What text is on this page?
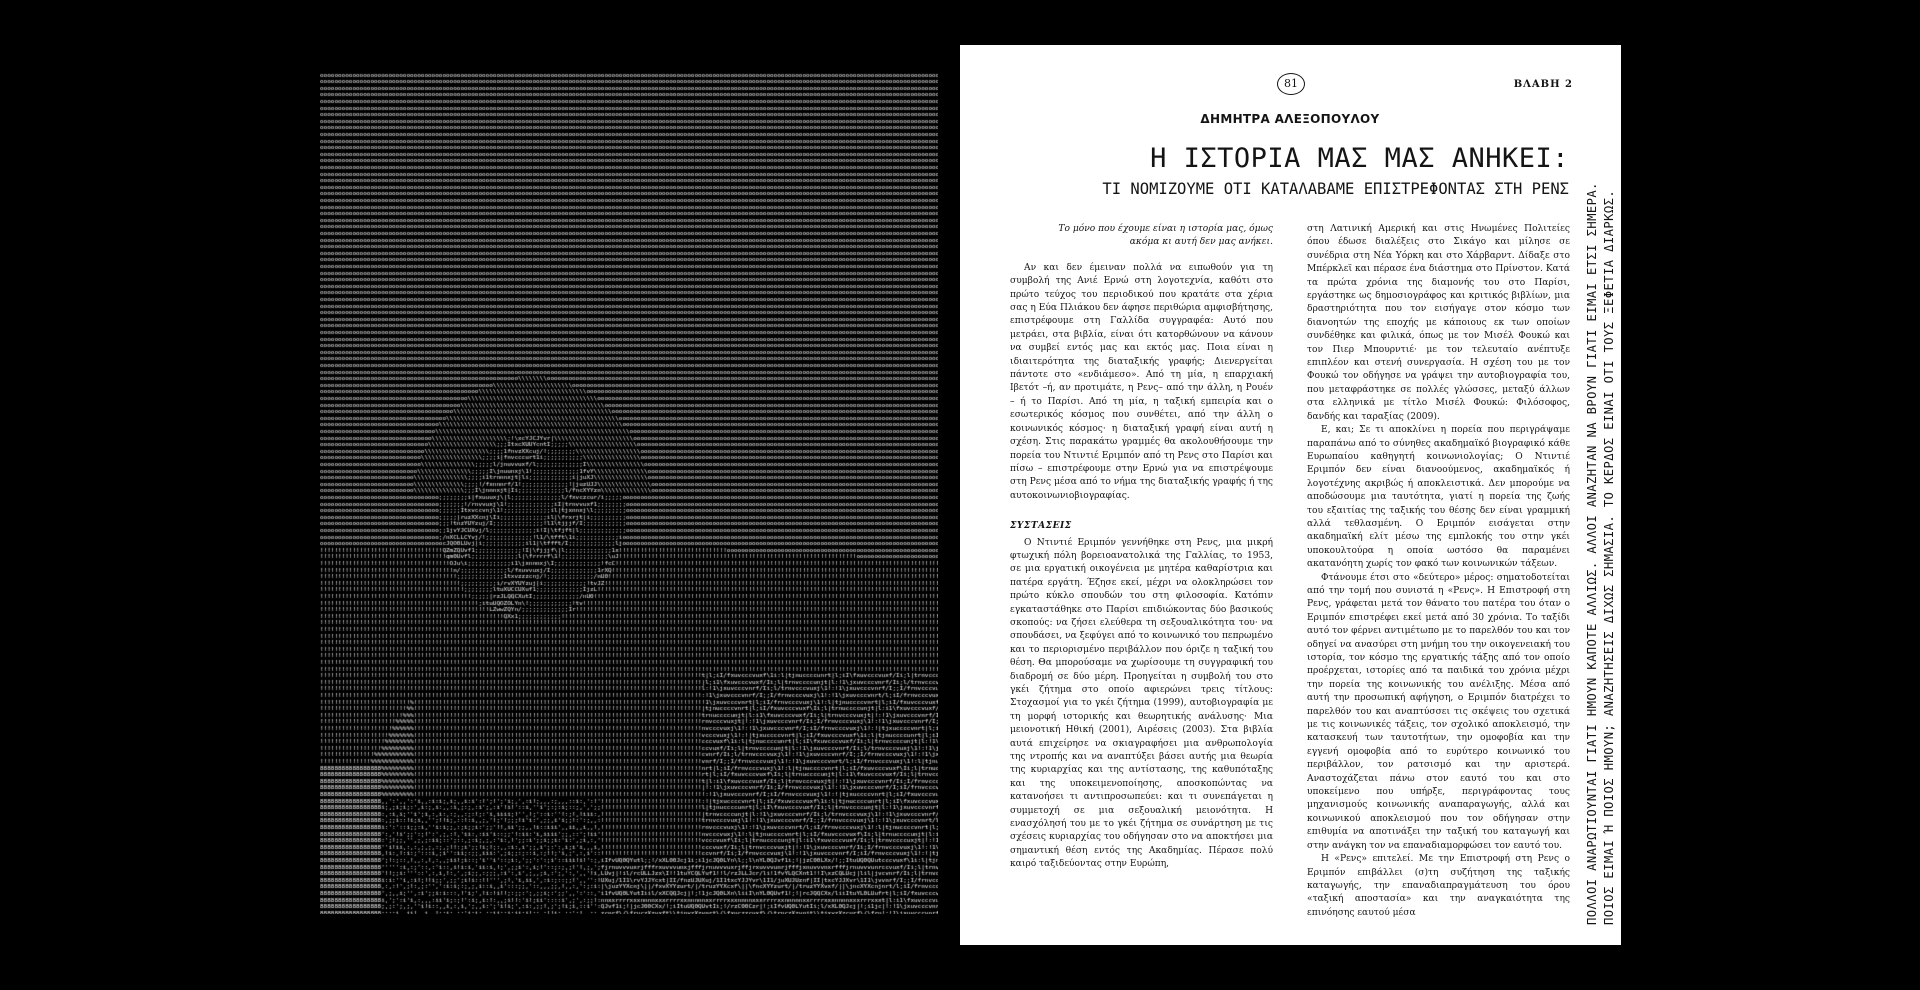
81	ΒΛΑΒΗ 2
ΔΗΜΗΤΡΑ ΑΛΕΞΟΠΟΥΛΟΥ
Η ΙΣΤΟΡΙΑ ΜΑΣ ΜΑΣ ΑΝΗΚΕΙ:
ΤΙ ΝΟΜΙΖΟΥΜΕ ΟΤΙ ΚΑΤΑΛΑΒΑΜΕ ΕΠΙΣΤΡΕΦΟΝΤΑΣ ΣΤΗ ΡΕΝΣ

Το μόνο που έχουμε είναι η ιστορία μας, όμως ακόμα κι αυτή δεν μας ανήκει.

Αν και δεν έμειναν πολλά να ειπωθούν για τη συμβολή της Ανιέ Ερνώ στη λογοτεχνία, καθότι στο πρώτο τεύχος του περιοδικού που κρατάτε στα χέρια σας η Εύα Πλιάκου δεν άφησε περιθώρια αμφισβήτησης, επιστρέφουμε στη Γαλλίδα συγγραφέα: Αυτό που μετράει, στα βιβλία, είναι ότι κατορθώνουν να κάνουν να συμβεί εντός μας και εκτός μας. Ποια είναι η ιδιαιτερότητα της διαταξικής γραφής; Διενεργείται πάντοτε στο «ενδιάμεσο». Από τη μία, η επαρχιακή Ιβετότ –ή, αν προτιμάτε, η Ρενς– από την άλλη, η Ρουέν – ή το Παρίσι. Από τη μία, η ταξική εμπειρία και ο εσωτερικός κόσμος που συνθέτει, από την άλλη ο κοινωνικός κόσμος· η διαταξική γραφή είναι αυτή η σχέση. Στις παρακάτω γραμμές θα ακολουθήσουμε την πορεία του Ντιντιέ Εριμπόν από τη Ρενς στο Παρίσι και πίσω – επιστρέφουμε στην Ερνώ για να επιστρέψουμε στη Ρενς μέσα από το νήμα της διαταξικής γραφής ή της αυτοκοινωνιοβιογραφίας.

ΣΥΣΤΑΣΕΙΣ

Ο Ντιντιέ Εριμπόν γεννήθηκε στη Ρενς, μια μικρή φτωχική πόλη βορειοανατολικά της Γαλλίας, το 1953, σε μια εργατική οικογένεια με μητέρα καθαρίστρια και πατέρα εργάτη. Έζησε εκεί, μέχρι να ολοκληρώσει τον πρώτο κύκλο σπουδών του στη φιλοσοφία. Κατόπιν εγκαταστάθηκε στο Παρίσι επιδιώκοντας δύο βασικούς σκοπούς: να ζήσει ελεύθερα τη σεξουαλικότητα του· να σπουδάσει, να ξεφύγει από το κοινωνικό του πεπρωμένο και το περιορισμένο περιβάλλον που όριζε η ταξική του θέση. Θα μπορούσαμε να χωρίσουμε τη συγγραφική του διαδρομή σε δύο μέρη. Προηγείται η συμβολή του στο γκέι ζήτημα στο οποίο αφιερώνει τρεις τίτλους: Στοχασμοί για το γκέι ζήτημα (1999), αυτοβιογραφία με τη μορφή ιστορικής και θεωρητικής ανάλυσης· Μια μειονοτική Ηθική (2001), Αιρέσεις (2003). Στα βιβλία αυτά επιχείρησε να σκιαγραφήσει μια ανθρωπολογία της ντροπής και να αναπτύξει βάσει αυτής μια θεωρία της κυριαρχίας και της αντίστασης, της καθυπόταξης και της υποκειμενοποίησης, αποσκοπώντας να κατανοήσει τι αντιπροσωπεύει: και τι συνεπάγεται η συμμετοχή σε μια σεξουαλική μειονότητα. Η ενασχόλησή του με το γκέι ζήτημα σε συνάρτηση με τις σχέσεις κυριαρχίας του οδήγησαν στο να αποκτήσει μια σημαντική θέση εντός της Ακαδημίας. Πέρασε πολύ καιρό ταξιδεύοντας στην Ευρώπη,

στη Λατινική Αμερική και στις Ηνωμένες Πολιτείες όπου έδωσε διαλέξεις στο Σικάγο και μίλησε σε συνέδρια στη Νέα Υόρκη και στο Χάρβαρντ. Δίδαξε στο Μπέρκλεϊ και πέρασε ένα διάστημα στο Πρίνστον. Κατά τα πρώτα χρόνια της διαμονής του στο Παρίσι, εργάστηκε ως δημοσιογράφος και κριτικός βιβλίων, μια δραστηριότητα που τον εισήγαγε στον κόσμο των διανοητών της εποχής με κάποιους εκ των οποίων συνδέθηκε και φιλικά, όπως με τον Μισέλ Φουκώ και τον Πιερ Μπουρντιέ· με τον τελευταίο ανέπτυξε επιπλέον και στενή συνεργασία. Η σχέση του με τον Φουκώ τον οδήγησε να γράψει την αυτοβιογραφία του, που μεταφράστηκε σε πολλές γλώσσες, μεταξύ άλλων στα ελληνικά με τίτλο Μισέλ Φουκώ: Φιλόσοφος, δανδής και ταραξίας (2009).

Ε, και; Σε τι αποκλίνει η πορεία που περιγράψαμε παραπάνω από το σύνηθες ακαδημαϊκό βιογραφικό κάθε Ευρωπαίου καθηγητή κοινωνιολογίας; Ο Ντιντιέ Εριμπόν δεν είναι διανοούμενος, ακαδημαϊκός ή λογοτέχνης ακριβώς ή αποκλειστικά. Δεν μπορούμε να αποδώσουμε μια ταυτότητα, γιατί η πορεία της ζωής του εξαιτίας της ταξικής του θέσης δεν είναι γραμμική αλλά τεθλασμένη. Ο Εριμπόν εισάγεται στην ακαδημαϊκή ελίτ μέσω της εμπλοκής του στην γκέι υποκουλτούρα η οποία ωστόσο θα παραμένει ακατανόητη χωρίς τον φακό των κοινωνικών τάξεων.

Φτάνουμε έτσι στο «δεύτερο» μέρος: σηματοδοτείται από την τομή που συνιστά η «Ρενς». Η Επιστροφή στη Ρενς, γράφεται μετά τον θάνατο του πατέρα του όταν ο Εριμπόν επιστρέφει εκεί μετά από 30 χρόνια. Το ταξίδι αυτό τον φέρνει αντιμέτωπο με το παρελθόν του και τον οδηγεί να ανασύρει στη μνήμη του την οικογενειακή του ιστορία, τον κόσμο της εργατικής τάξης από τον οποίο προέρχεται, ιστορίες από τα παιδικά του χρόνια μέχρι την πορεία της κοινωνικής του ανέλιξης. Μέσα από αυτή την προσωπική αφήγηση, ο Εριμπόν διατρέχει το παρελθόν του και αναπτύσσει τις σκέψεις του σχετικά με τις κοινωνικές τάξεις, τον σχολικό αποκλεισμό, την κατασκευή των ταυτοτήτων, την ομοφοβία και την εγγενή ομοφοβία από το ευρύτερο κοινωνικό του περιβάλλον, τον ρατσισμό και την αριστερά. Αναστοχάζεται πάνω στον εαυτό του και στο υποκείμενο που υπήρξε, περιγράφοντας τους μηχανισμούς κοινωνικής αναπαραγωγής, αλλά και κοινωνικού αποκλεισμού που τον οδήγησαν στην επιθυμία να αποτινάξει την ταξική του καταγωγή και στην ανάγκη τον να επαναδιαμορφώσει τον εαυτό του.

Η «Ρενς» επιτελεί. Με την Επιστροφή στη Ρενς ο Εριμπόν επιβάλλει (σ)τη συζήτηση της ταξικής καταγωγής, την επαναδιαπραγμάτευση του όρου «ταξική αποστασία» και την αναγκαιότητα της επινόησης εαυτού μέσα	ΠΟΛΛΟΙ ΑΝΑΡΩΤΙΟΥΝΤΑΙ ΓΙΑΤΙ ΗΜΟΥΝ ΚΑΠΟΤΕ ΑΛΛΙΩΣ. ΑΛΛΟΙ ΑΝΑΖΗΤΑΝ ΝΑ ΒΡΟΥΝ ΓΙΑΤΙ ΕΙΜΑΙ ΕΤΣΙ ΣΗΜΕΡΑ. ΠΟΙΟΣ ΕΙΜΑΙ Ή ΠΟΙΟΣ ΗΜΟΥΝ; ΑΝΑΖΗΤΗΣΕΙΣ ΔΙΧΩΣ ΣΗΜΑΣΙΑ. ΤΟ ΚΕΡΔΟΣ ΕΙΝΑΙ ΟΤΙ ΤΟΥΣ ΞΕΦΕΤΙΑ ΔΙΑΡΚΩΣ.
